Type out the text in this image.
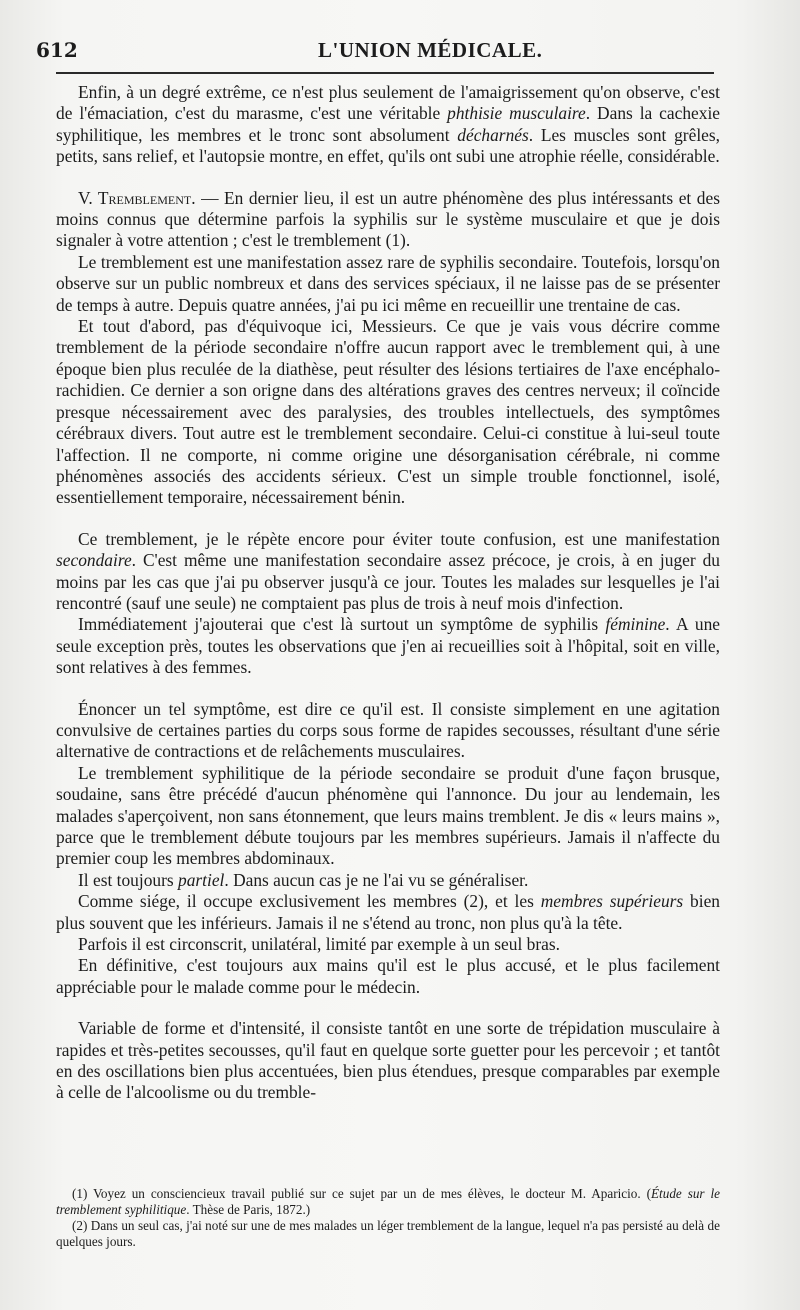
612	L'UNION MÉDICALE.

Enfin, à un degré extrême, ce n'est plus seulement de l'amaigrissement qu'on observe, c'est de l'émaciation, c'est du marasme, c'est une véritable phthisie musculaire. Dans la cachexie syphilitique, les membres et le tronc sont absolument décharnés. Les muscles sont grêles, petits, sans relief, et l'autopsie montre, en effet, qu'ils ont subi une atrophie réelle, considérable.

V. Tremblement. — En dernier lieu, il est un autre phénomène des plus intéressants et des moins connus que détermine parfois la syphilis sur le système musculaire et que je dois signaler à votre attention ; c'est le tremblement (1).

Le tremblement est une manifestation assez rare de syphilis secondaire. Toutefois, lorsqu'on observe sur un public nombreux et dans des services spéciaux, il ne laisse pas de se présenter de temps à autre. Depuis quatre années, j'ai pu ici même en recueillir une trentaine de cas.

Et tout d'abord, pas d'équivoque ici, Messieurs. Ce que je vais vous décrire comme tremblement de la période secondaire n'offre aucun rapport avec le tremblement qui, à une époque bien plus reculée de la diathèse, peut résulter des lésions tertiaires de l'axe encéphalo-rachidien. Ce dernier a son origne dans des altérations graves des centres nerveux; il coïncide presque nécessairement avec des paralysies, des troubles intellectuels, des symptômes cérébraux divers. Tout autre est le tremblement secondaire. Celui-ci constitue à lui-seul toute l'affection. Il ne comporte, ni comme origine une désorganisation cérébrale, ni comme phénomènes associés des accidents sérieux. C'est un simple trouble fonctionnel, isolé, essentiellement temporaire, nécessairement bénin.

Ce tremblement, je le répète encore pour éviter toute confusion, est une manifestation secondaire. C'est même une manifestation secondaire assez précoce, je crois, à en juger du moins par les cas que j'ai pu observer jusqu'à ce jour. Toutes les malades sur lesquelles je l'ai rencontré (sauf une seule) ne comptaient pas plus de trois à neuf mois d'infection.

Immédiatement j'ajouterai que c'est là surtout un symptôme de syphilis féminine. A une seule exception près, toutes les observations que j'en ai recueillies soit à l'hôpital, soit en ville, sont relatives à des femmes.

Énoncer un tel symptôme, est dire ce qu'il est. Il consiste simplement en une agitation convulsive de certaines parties du corps sous forme de rapides secousses, résultant d'une série alternative de contractions et de relâchements musculaires.

Le tremblement syphilitique de la période secondaire se produit d'une façon brusque, soudaine, sans être précédé d'aucun phénomène qui l'annonce. Du jour au lendemain, les malades s'aperçoivent, non sans étonnement, que leurs mains tremblent. Je dis « leurs mains », parce que le tremblement débute toujours par les membres supérieurs. Jamais il n'affecte du premier coup les membres abdominaux.

Il est toujours partiel. Dans aucun cas je ne l'ai vu se généraliser.

Comme siége, il occupe exclusivement les membres (2), et les membres supérieurs bien plus souvent que les inférieurs. Jamais il ne s'étend au tronc, non plus qu'à la tête.

Parfois il est circonscrit, unilatéral, limité par exemple à un seul bras.

En définitive, c'est toujours aux mains qu'il est le plus accusé, et le plus facilement appréciable pour le malade comme pour le médecin.

Variable de forme et d'intensité, il consiste tantôt en une sorte de trépidation musculaire à rapides et très-petites secousses, qu'il faut en quelque sorte guetter pour les percevoir ; et tantôt en des oscillations bien plus accentuées, bien plus étendues, presque comparables par exemple à celle de l'alcoolisme ou du tremble-

(1) Voyez un consciencieux travail publié sur ce sujet par un de mes élèves, le docteur M. Aparicio. (Étude sur le tremblement syphilitique. Thèse de Paris, 1872.)

(2) Dans un seul cas, j'ai noté sur une de mes malades un léger tremblement de la langue, lequel n'a pas persisté au delà de quelques jours.
